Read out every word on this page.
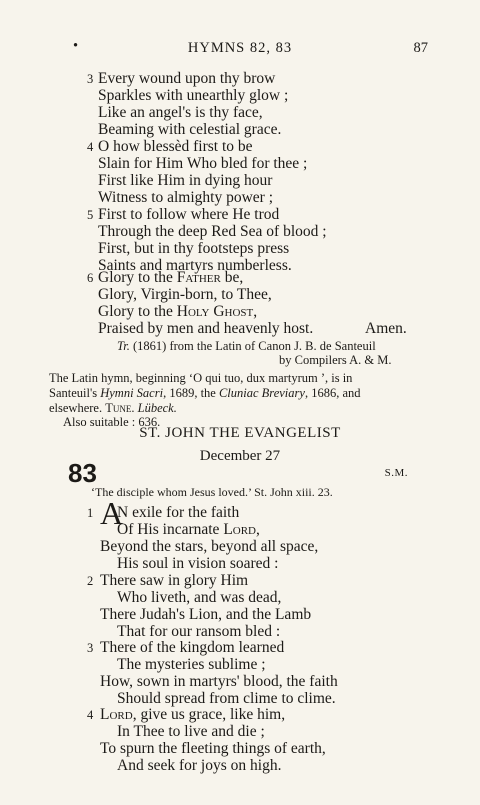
•	HYMNS 82, 83	87
3 Every wound upon thy brow
Sparkles with unearthly glow ;
Like an angel's is thy face,
Beaming with celestial grace.
4 O how blessèd first to be
Slain for Him Who bled for thee ;
First like Him in dying hour
Witness to almighty power ;
5 First to follow where He trod
Through the deep Red Sea of blood ;
First, but in thy footsteps press
Saints and martyrs numberless.
6 Glory to the Father be,
Glory, Virgin-born, to Thee,
Glory to the Holy Ghost,
Praised by men and heavenly host.	Amen.
Tr. (1861) from the Latin of Canon J. B. de Santeuil
by Compilers A. & M.
The Latin hymn, beginning ‘O qui tuo, dux martyrum ’, is in
Santeuil's Hymni Sacri, 1689, the Cluniac Breviary, 1686, and
elsewhere. Tune. Lübeck.
Also suitable : 636.
ST. JOHN THE EVANGELIST
December 27
83	S.M.
‘The disciple whom Jesus loved.’ St. John xiii. 23.
1 A
N exile for the faith
Of His incarnate Lord,
Beyond the stars, beyond all space,
His soul in vision soared :
2 There saw in glory Him
Who liveth, and was dead,
There Judah's Lion, and the Lamb
That for our ransom bled :
3 There of the kingdom learned
The mysteries sublime ;
How, sown in martyrs' blood, the faith
Should spread from clime to clime.
4 Lord, give us grace, like him,
In Thee to live and die ;
To spurn the fleeting things of earth,
And seek for joys on high.
